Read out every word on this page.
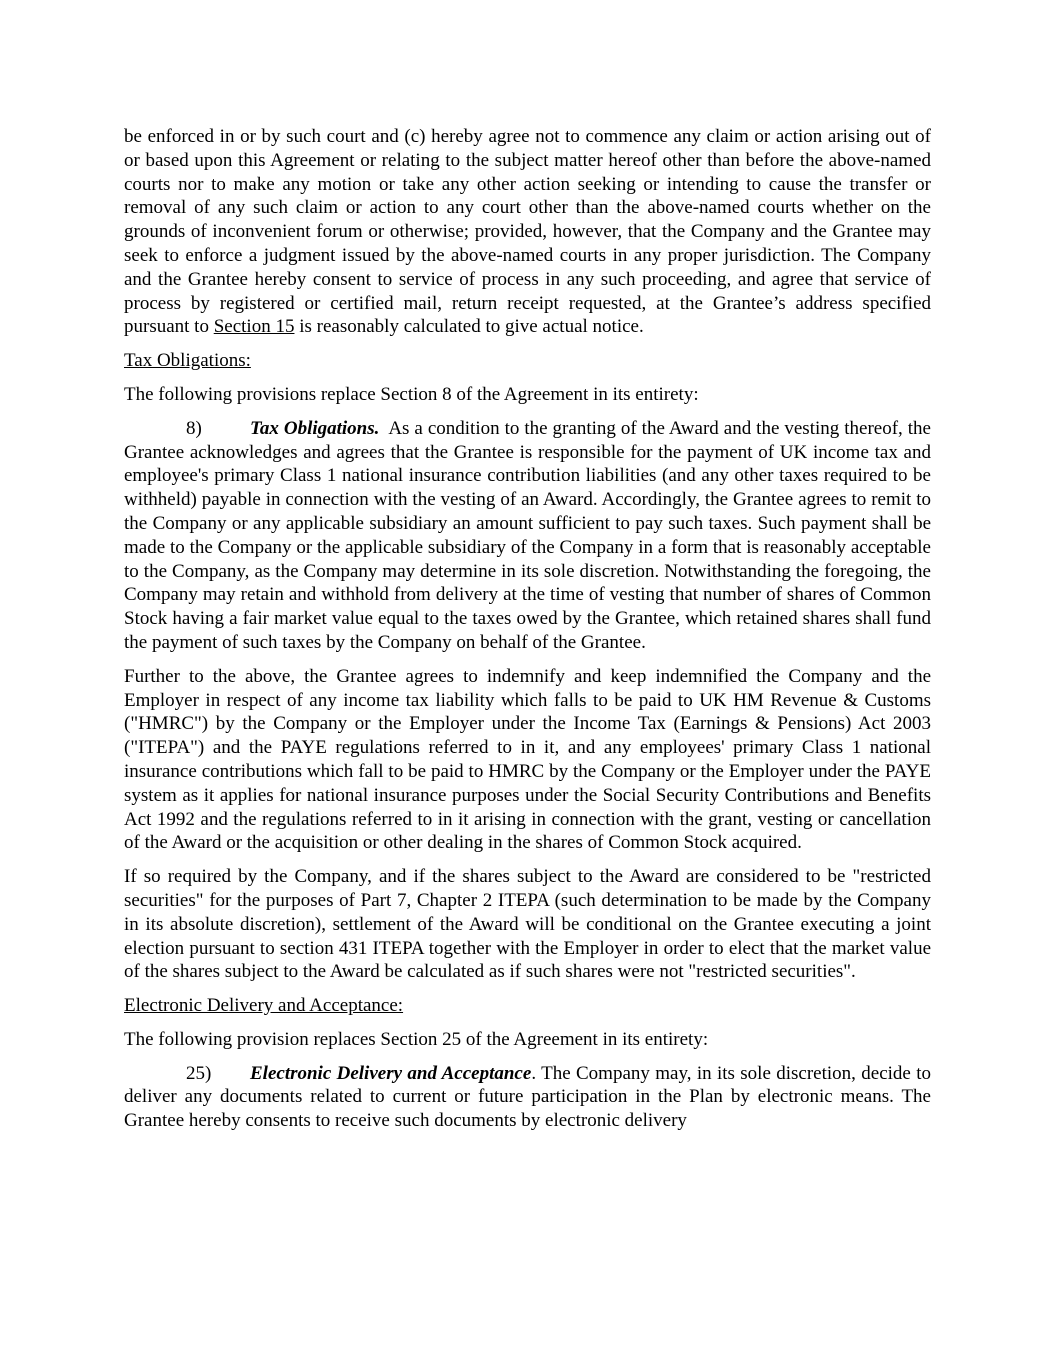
be enforced in or by such court and (c) hereby agree not to commence any claim or action arising out of or based upon this Agreement or relating to the subject matter hereof other than before the above-named courts nor to make any motion or take any other action seeking or intending to cause the transfer or removal of any such claim or action to any court other than the above-named courts whether on the grounds of inconvenient forum or otherwise; provided, however, that the Company and the Grantee may seek to enforce a judgment issued by the above-named courts in any proper jurisdiction. The Company and the Grantee hereby consent to service of process in any such proceeding, and agree that service of process by registered or certified mail, return receipt requested, at the Grantee’s address specified pursuant to Section 15 is reasonably calculated to give actual notice.

Tax Obligations:

The following provisions replace Section 8 of the Agreement in its entirety:

8)	Tax Obligations. As a condition to the granting of the Award and the vesting thereof, the Grantee acknowledges and agrees that the Grantee is responsible for the payment of UK income tax and employee's primary Class 1 national insurance contribution liabilities (and any other taxes required to be withheld) payable in connection with the vesting of an Award. Accordingly, the Grantee agrees to remit to the Company or any applicable subsidiary an amount sufficient to pay such taxes. Such payment shall be made to the Company or the applicable subsidiary of the Company in a form that is reasonably acceptable to the Company, as the Company may determine in its sole discretion. Notwithstanding the foregoing, the Company may retain and withhold from delivery at the time of vesting that number of shares of Common Stock having a fair market value equal to the taxes owed by the Grantee, which retained shares shall fund the payment of such taxes by the Company on behalf of the Grantee.

Further to the above, the Grantee agrees to indemnify and keep indemnified the Company and the Employer in respect of any income tax liability which falls to be paid to UK HM Revenue & Customs ("HMRC") by the Company or the Employer under the Income Tax (Earnings & Pensions) Act 2003 ("ITEPA") and the PAYE regulations referred to in it, and any employees' primary Class 1 national insurance contributions which fall to be paid to HMRC by the Company or the Employer under the PAYE system as it applies for national insurance purposes under the Social Security Contributions and Benefits Act 1992 and the regulations referred to in it arising in connection with the grant, vesting or cancellation of the Award or the acquisition or other dealing in the shares of Common Stock acquired.

If so required by the Company, and if the shares subject to the Award are considered to be "restricted securities" for the purposes of Part 7, Chapter 2 ITEPA (such determination to be made by the Company in its absolute discretion), settlement of the Award will be conditional on the Grantee executing a joint election pursuant to section 431 ITEPA together with the Employer in order to elect that the market value of the shares subject to the Award be calculated as if such shares were not "restricted securities".

Electronic Delivery and Acceptance:

The following provision replaces Section 25 of the Agreement in its entirety:

25) Electronic Delivery and Acceptance. The Company may, in its sole discretion, decide to deliver any documents related to current or future participation in the Plan by electronic means. The Grantee hereby consents to receive such documents by electronic delivery
